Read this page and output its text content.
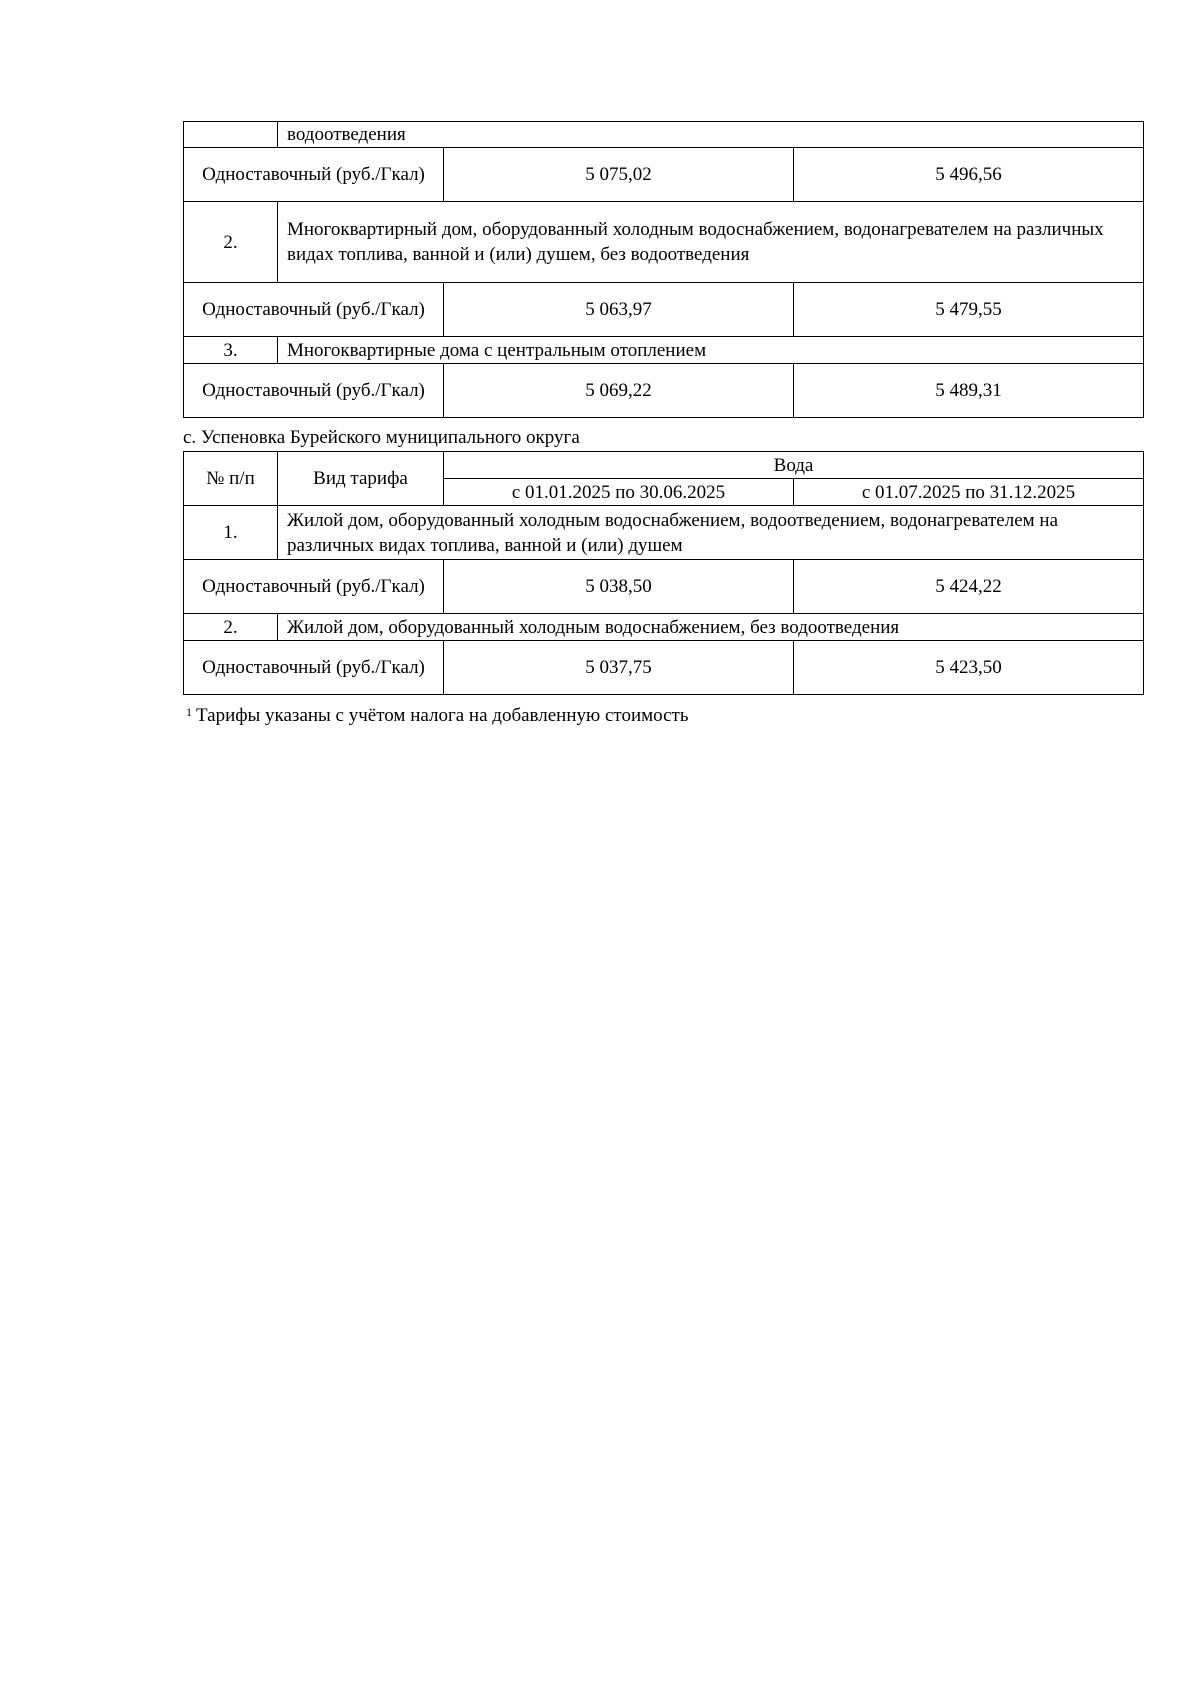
	водоотведения		
Одноставочный (руб./Гкал)		5 075,02	5 496,56
2.	Многоквартирный дом, оборудованный холодным водоснабжением, водонагревателем на различных видах топлива, ванной и (или) душем, без водоотведения		
Одноставочный (руб./Гкал)		5 063,97	5 479,55
3.	Многоквартирные дома с центральным отоплением		
Одноставочный (руб./Гкал)		5 069,22	5 489,31
с. Успеновка Бурейского муниципального округа
№ п/п	Вид тарифа	Вода	
		с 01.01.2025 по 30.06.2025	с 01.07.2025 по 31.12.2025
1.	Жилой дом, оборудованный холодным водоснабжением, водоотведением, водонагревателем на различных видах топлива, ванной и (или) душем		
Одноставочный (руб./Гкал)		5 038,50	5 424,22
2.	Жилой дом, оборудованный холодным водоснабжением, без водоотведения		
Одноставочный (руб./Гкал)		5 037,75	5 423,50
$^1$ Тарифы указаны с учётом налога на добавленную стоимость
